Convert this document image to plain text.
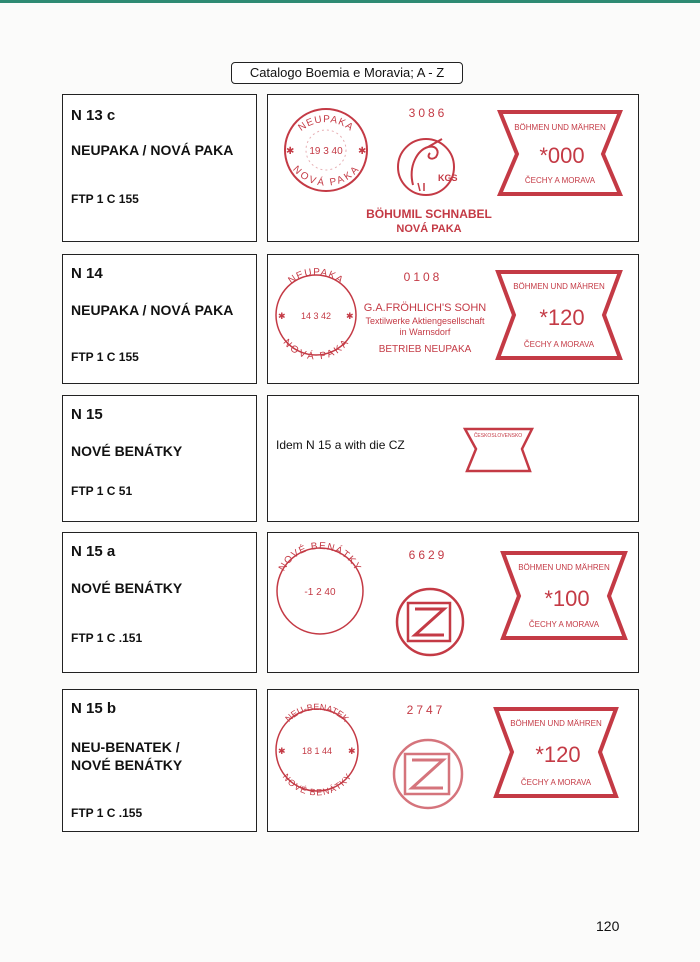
Catalogo Boemia e Moravia; A - Z
N 13 c
NEUPAKA / NOVÁ PAKA
FTP 1 C 155
NEUPAKA
19 3 40
✱	✱
NOVÁ PAKA
3086
KGS
BÖHUMIL SCHNABEL
NOVÁ PAKA
BÖHMEN UND MÄHREN
*000
ČECHY A MORAVA
N 14
NEUPAKA / NOVÁ PAKA
FTP 1 C 155
NEUPAKA
14 3 42
✱	✱
NOVÁ PAKA
0108
G.A.FRÖHLICH'S SOHN
Textilwerke Aktiengesellschaft
in Warnsdorf
BETRIEB NEUPAKA
BÖHMEN UND MÄHREN
*120
ČECHY A MORAVA
N 15
NOVÉ BENÁTKY
FTP 1 C 51
Idem N 15 a with die CZ
ČESKOSLOVENSKO
N 15 a
NOVÉ BENÁTKY
FTP 1 C .151
NOVÉ BENÁTKY
-1 2 40
6629
BÖHMEN UND MÄHREN
*100
ČECHY A MORAVA
N 15 b
NEU-BENATEK /
NOVÉ BENÁTKY
FTP 1 C .155
NEU-BENATEK
18 1 44
✱	✱
NOVÉ BENÁTKY
2747
BÖHMEN UND MÄHREN
*120
ČECHY A MORAVA
120
